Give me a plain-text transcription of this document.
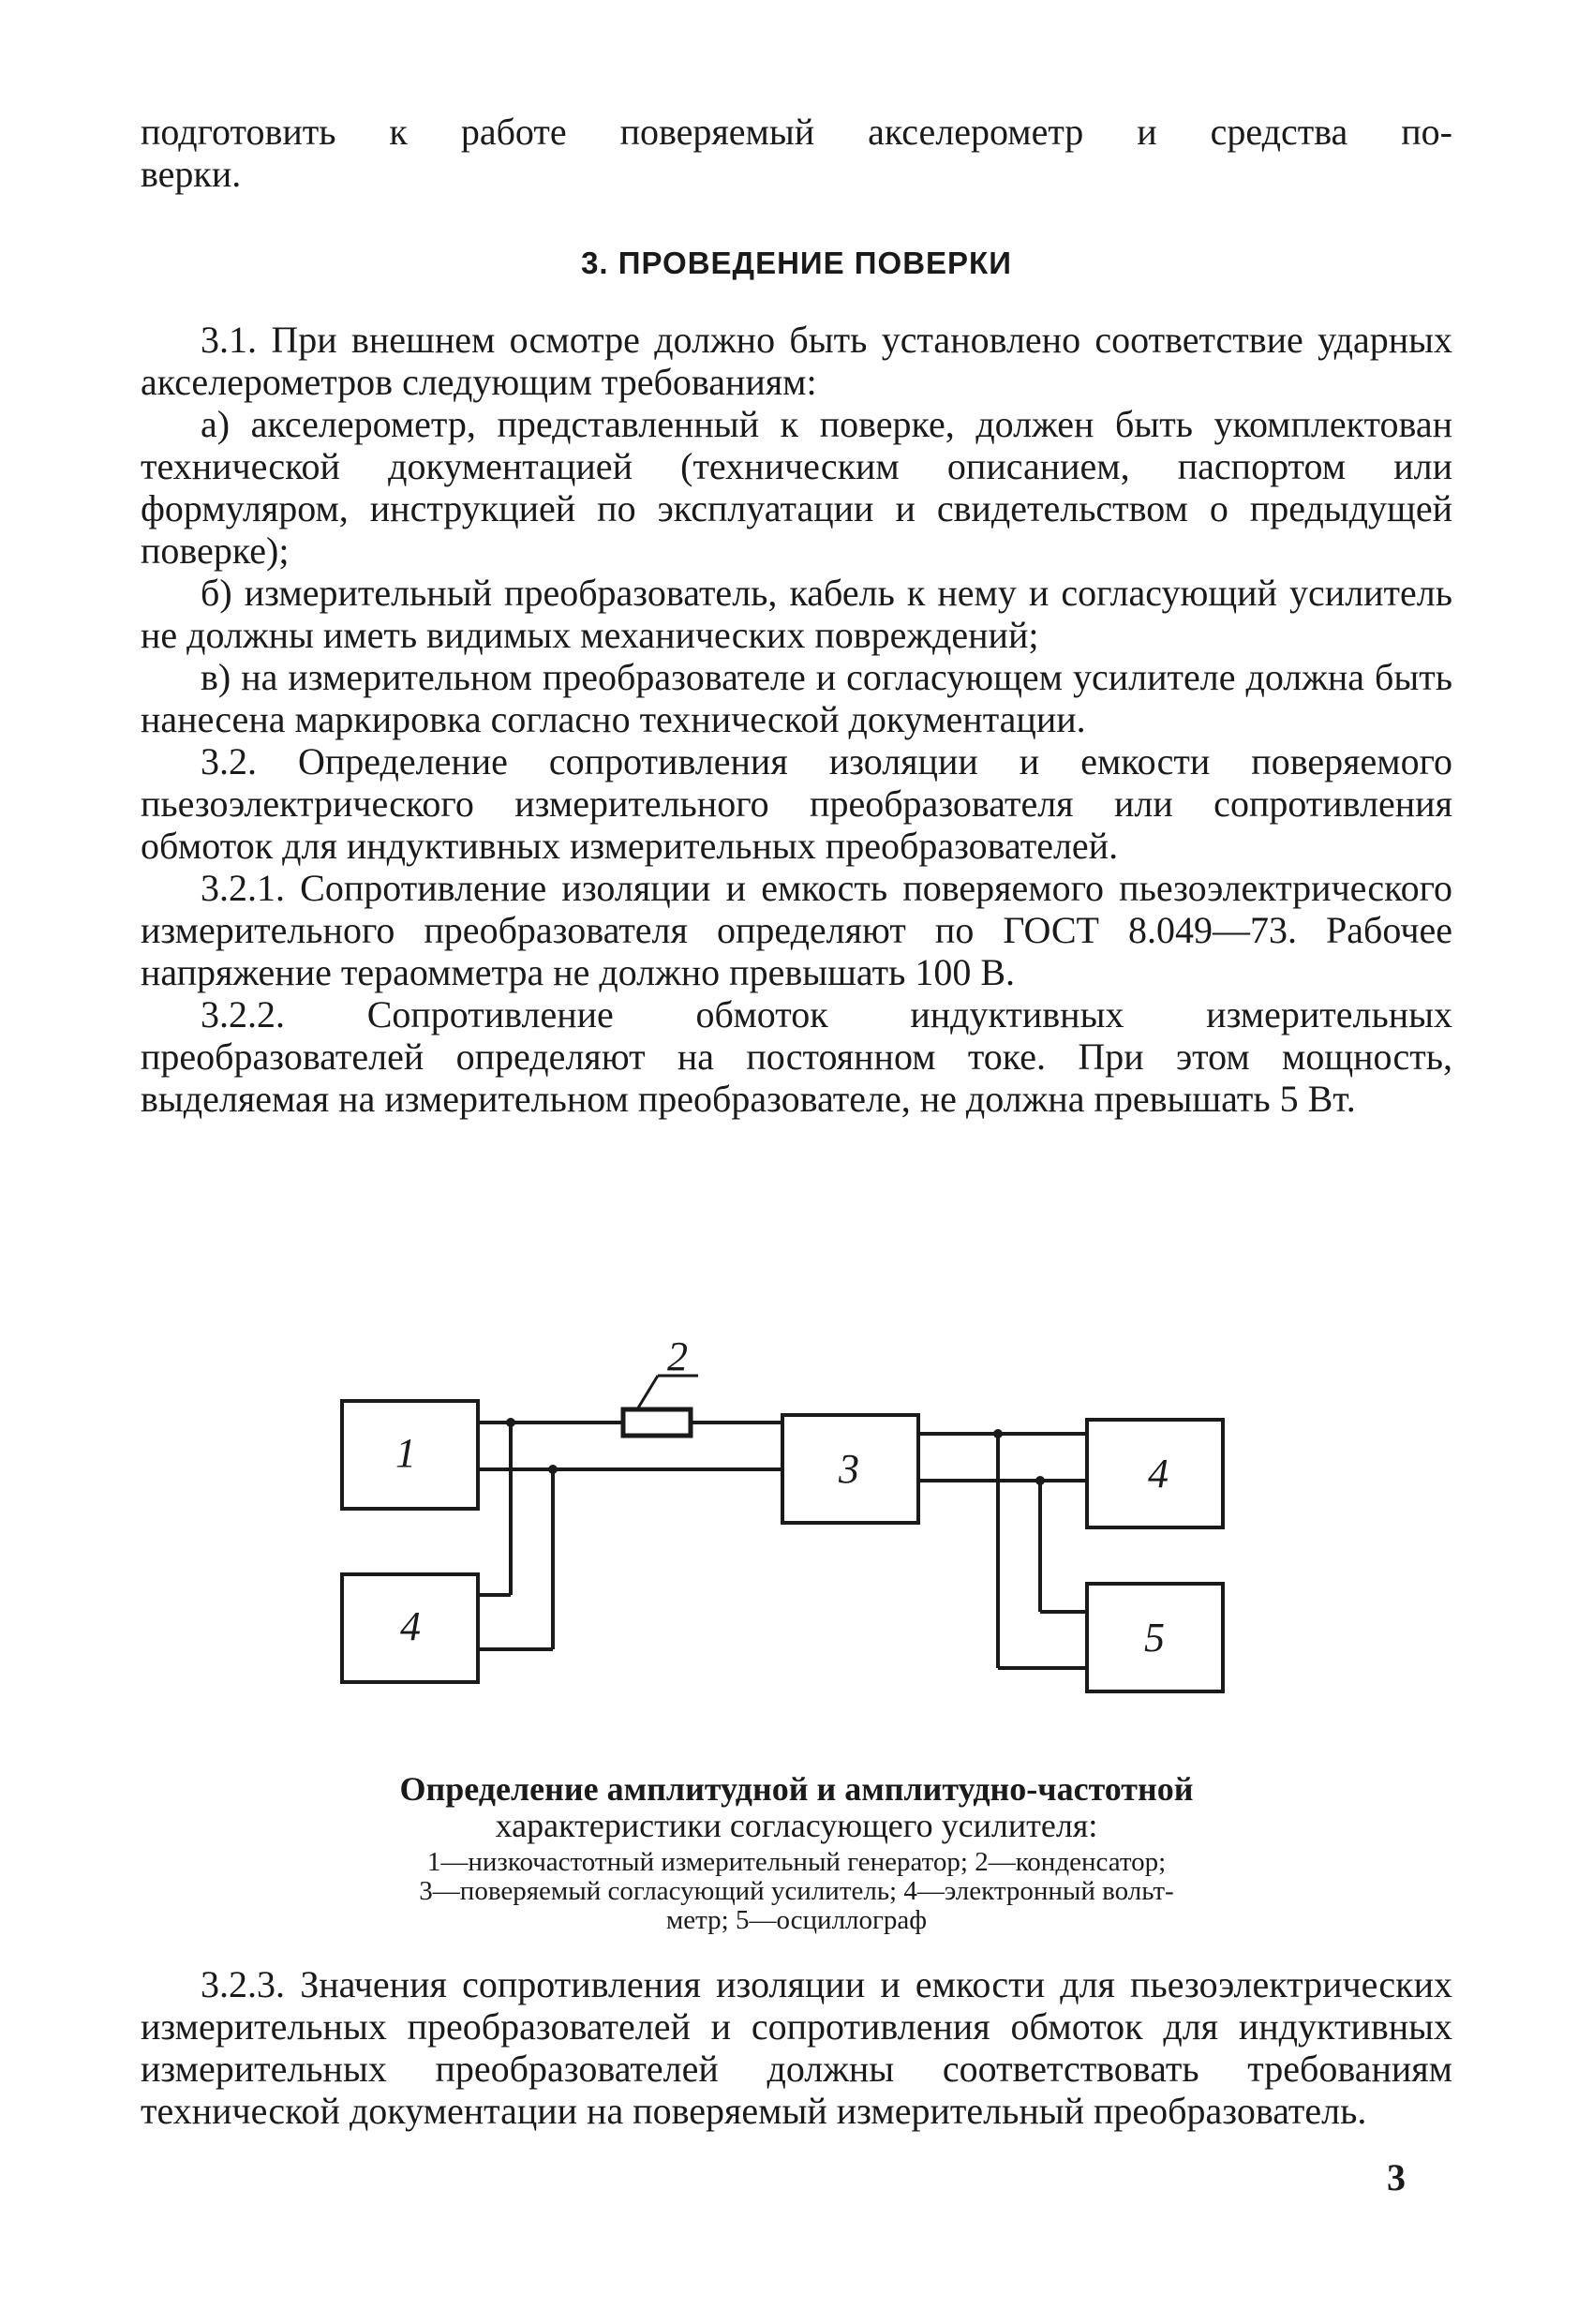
подготовить к работе поверяемый акселерометр и средства по-

верки.

3. ПРОВЕДЕНИЕ ПОВЕРКИ

3.1. При внешнем осмотре должно быть установлено соответствие ударных акселерометров следующим требованиям:

а) акселерометр, представленный к поверке, должен быть укомплектован технической документацией (техническим описанием, паспортом или формуляром, инструкцией по эксплуатации и свидетельством о предыдущей поверке);

б) измерительный преобразователь, кабель к нему и согласующий усилитель не должны иметь видимых механических повреждений;

в) на измерительном преобразователе и согласующем усилителе должна быть нанесена маркировка согласно технической документации.

3.2. Определение сопротивления изоляции и емкости поверяемого пьезоэлектрического измерительного преобразователя или сопротивления обмоток для индуктивных измерительных преобразователей.

3.2.1. Сопротивление изоляции и емкость поверяемого пьезоэлектрического измерительного преобразователя определяют по ГОСТ 8.049—73. Рабочее напряжение тераомметра не должно превышать 100 В.

3.2.2. Сопротивление обмоток индуктивных измерительных преобразователей определяют на постоянном токе. При этом мощность, выделяемая на измерительном преобразователе, не должна превышать 5 Вт.

1
2
3
4
4
5
Определение амплитудной и амплитудно-частотной
характеристики согласующего усилителя:
1—низкочастотный измерительный генератор; 2—конденсатор;
3—поверяемый согласующий усилитель; 4—электронный вольт-
метр; 5—осциллограф

3.2.3. Значения сопротивления изоляции и емкости для пьезоэлектрических измерительных преобразователей и сопротивления обмоток для индуктивных измерительных преобразователей должны соответствовать требованиям технической документации на поверяемый измерительный преобразователь.

3
